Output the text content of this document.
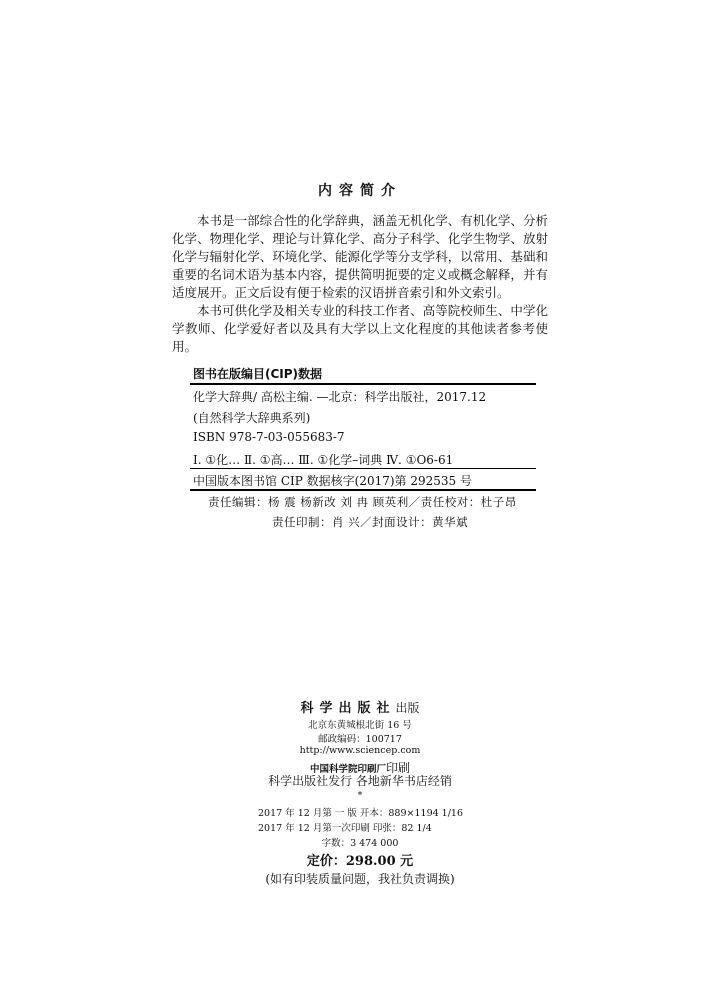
内容简介

本书是一部综合性的化学辞典，涵盖无机化学、有机化学、分析化学、物理化学、理论与计算化学、高分子科学、化学生物学、放射化学与辐射化学、环境化学、能源化学等分支学科，以常用、基础和重要的名词术语为基本内容，提供简明扼要的定义或概念解释，并有适度展开。正文后设有便于检索的汉语拼音索引和外文索引。

本书可供化学及相关专业的科技工作者、高等院校师生、中学化学教师、化学爱好者以及具有大学以上文化程度的其他读者参考使用。

图书在版编目(CIP)数据
化学大辞典/ 高松主编. —北京：科学出版社，2017.12
(自然科学大辞典系列)
ISBN 978-7-03-055683-7
Ⅰ. ①化… Ⅱ. ①高… Ⅲ. ①化学–词典 Ⅳ. ①O6-61
中国版本图书馆 CIP 数据核字(2017)第 292535 号
责任编辑：杨 震 杨新改 刘 冉 顾英利／责任校对：杜子昂
责任印制：肖 兴／封面设计：黄华斌
科学出版社出版
北京东黄城根北街 16 号
邮政编码：100717
http://www.sciencep.com
中国科学院印刷厂印刷
科学出版社发行 各地新华书店经销
*
2017 年 12 月第 一 版 开本：889×1194 1/16
2017 年 12 月第一次印刷 印张：82 1/4
字数：3 474 000
定价：298.00 元
(如有印装质量问题，我社负责调换)
